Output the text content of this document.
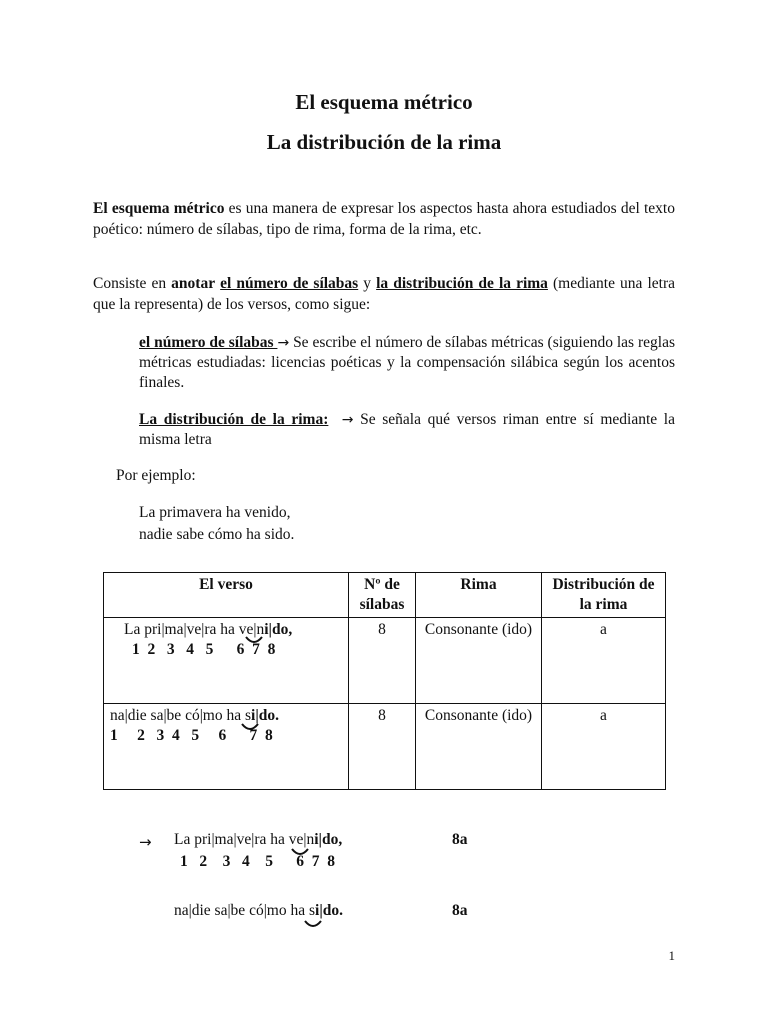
El esquema métrico
La distribución de la rima
El esquema métrico es una manera de expresar los aspectos hasta ahora estudiados del texto poético: número de sílabas, tipo de rima, forma de la rima, etc.
Consiste en anotar el número de sílabas y la distribución de la rima (mediante una letra que la representa) de los versos, como sigue:
el número de sílabas → Se escribe el número de sílabas métricas (siguiendo las reglas métricas estudiadas: licencias poéticas y la compensación silábica según los acentos finales.
La distribución de la rima: → Se señala qué versos riman entre sí mediante la misma letra
Por ejemplo:
La primavera ha venido,
nadie sabe cómo ha sido.
El verso	Nº de sílabas	Rima	Distribución de la rima

La pri|ma|ve|ra ha ve|ni|do,
1  2   3   4   5      6  7  8	8	Consonante (ido)	a

na|die sa|be có|mo ha si|do.
1     2   3  4   5     6      7  8	8	Consonante (ido)	a
→ La pri|ma|ve|ra ha ve|ni|do,
1   2    3   4    5      6  7  8
8a
na|die sa|be có|mo ha si|do.	8a
1
